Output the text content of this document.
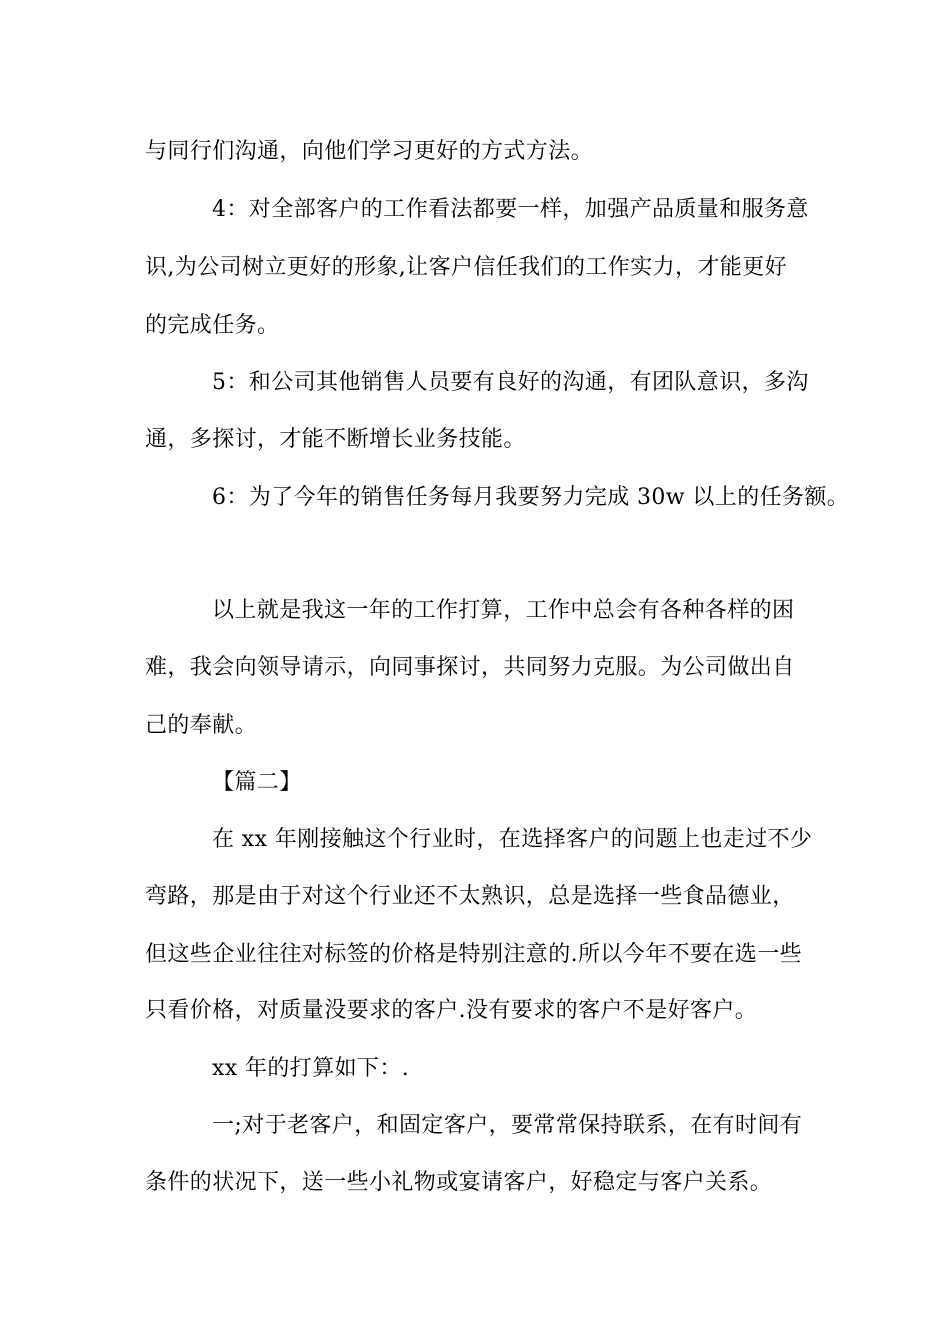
与同行们沟通，向他们学习更好的方式方法。
4：对全部客户的工作看法都要一样，加强产品质量和服务意
识,为公司树立更好的形象,让客户信任我们的工作实力，才能更好
的完成任务。
5：和公司其他销售人员要有良好的沟通，有团队意识，多沟
通，多探讨，才能不断增长业务技能。
6：为了今年的销售任务每月我要努力完成 30w 以上的任务额。
以上就是我这一年的工作打算，工作中总会有各种各样的困
难，我会向领导请示，向同事探讨，共同努力克服。为公司做出自
己的奉献。
【篇二】
在 xx 年刚接触这个行业时，在选择客户的问题上也走过不少
弯路，那是由于对这个行业还不太熟识，总是选择一些食品德业，
但这些企业往往对标签的价格是特别注意的.所以今年不要在选一些
只看价格，对质量没要求的客户.没有要求的客户不是好客户。
xx 年的打算如下：.
一;对于老客户，和固定客户，要常常保持联系，在有时间有
条件的状况下，送一些小礼物或宴请客户，好稳定与客户关系。
